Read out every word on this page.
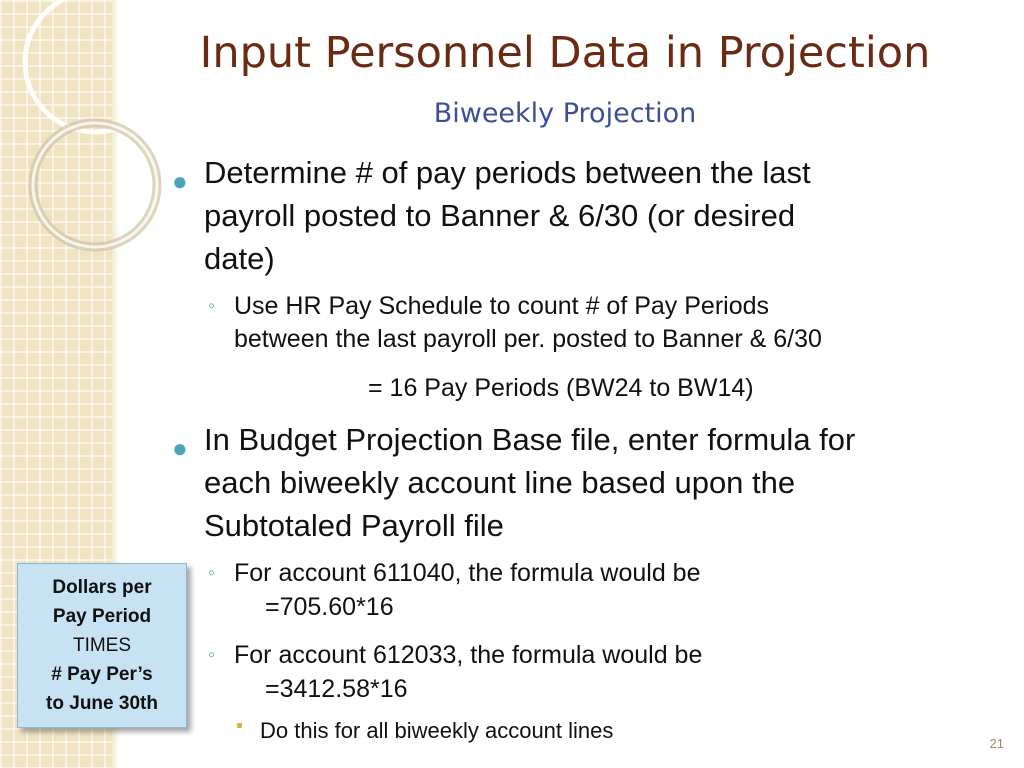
Input Personnel Data in Projection
Biweekly Projection
● Determine # of pay periods between the last
payroll posted to Banner & 6/30 (or desired
date)
◦ Use HR Pay Schedule to count # of Pay Periods
between the last payroll per. posted to Banner & 6/30
= 16 Pay Periods (BW24 to BW14)
● In Budget Projection Base file, enter formula for
each biweekly account line based upon the
Subtotaled Payroll file
◦ For account 611040, the formula would be
=705.60*16
◦ For account 612033, the formula would be
=3412.58*16
Do this for all biweekly account lines
Dollars per
Pay Period
TIMES
# Pay Per’s
to June 30th
21
